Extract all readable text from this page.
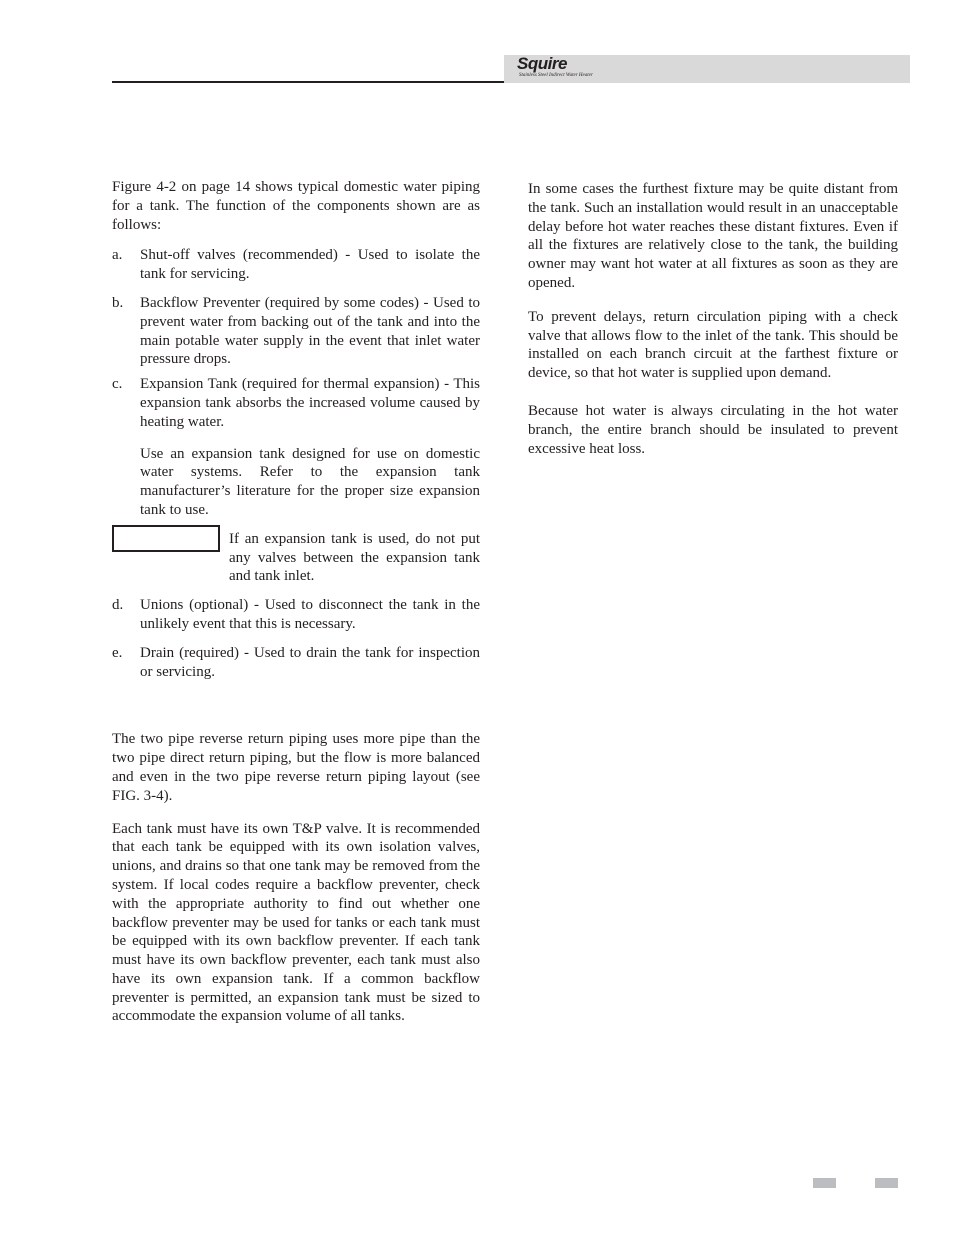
Squire
Stainless Steel Indirect Water Heater

Figure 4-2 on page 14 shows typical domestic water piping for a tank. The function of the components shown are as follows:

a.	Shut-off valves (recommended) - Used to isolate the tank for servicing.
b.	Backflow Preventer (required by some codes) - Used to prevent water from backing out of the tank and into the main potable water supply in the event that inlet water pressure drops.
c.	Expansion Tank (required for thermal expansion) - This expansion tank absorbs the increased volume caused by heating water.

Use an expansion tank designed for use on domestic water systems. Refer to the expansion tank manufacturer’s literature for the proper size expansion tank to use.

If an expansion tank is used, do not put any valves between the expansion tank and tank inlet.

d.	Unions (optional) - Used to disconnect the tank in the unlikely event that this is necessary.
e.	Drain (required) - Used to drain the tank for inspection or servicing.

The two pipe reverse return piping uses more pipe than the two pipe direct return piping, but the flow is more balanced and even in the two pipe reverse return piping layout (see FIG. 3-4).

Each tank must have its own T&P valve. It is recommended that each tank be equipped with its own isolation valves, unions, and drains so that one tank may be removed from the system. If local codes require a backflow preventer, check with the appropriate authority to find out whether one backflow preventer may be used for tanks or each tank must be equipped with its own backflow preventer. If each tank must have its own backflow preventer, each tank must also have its own expansion tank. If a common backflow preventer is permitted, an expansion tank must be sized to accommodate the expansion volume of all tanks.

In some cases the furthest fixture may be quite distant from the tank. Such an installation would result in an unacceptable delay before hot water reaches these distant fixtures. Even if all the fixtures are relatively close to the tank, the building owner may want hot water at all fixtures as soon as they are opened.

To prevent delays, return circulation piping with a check valve that allows flow to the inlet of the tank. This should be installed on each branch circuit at the farthest fixture or device, so that hot water is supplied upon demand.

Because hot water is always circulating in the hot water branch, the entire branch should be insulated to prevent excessive heat loss.
